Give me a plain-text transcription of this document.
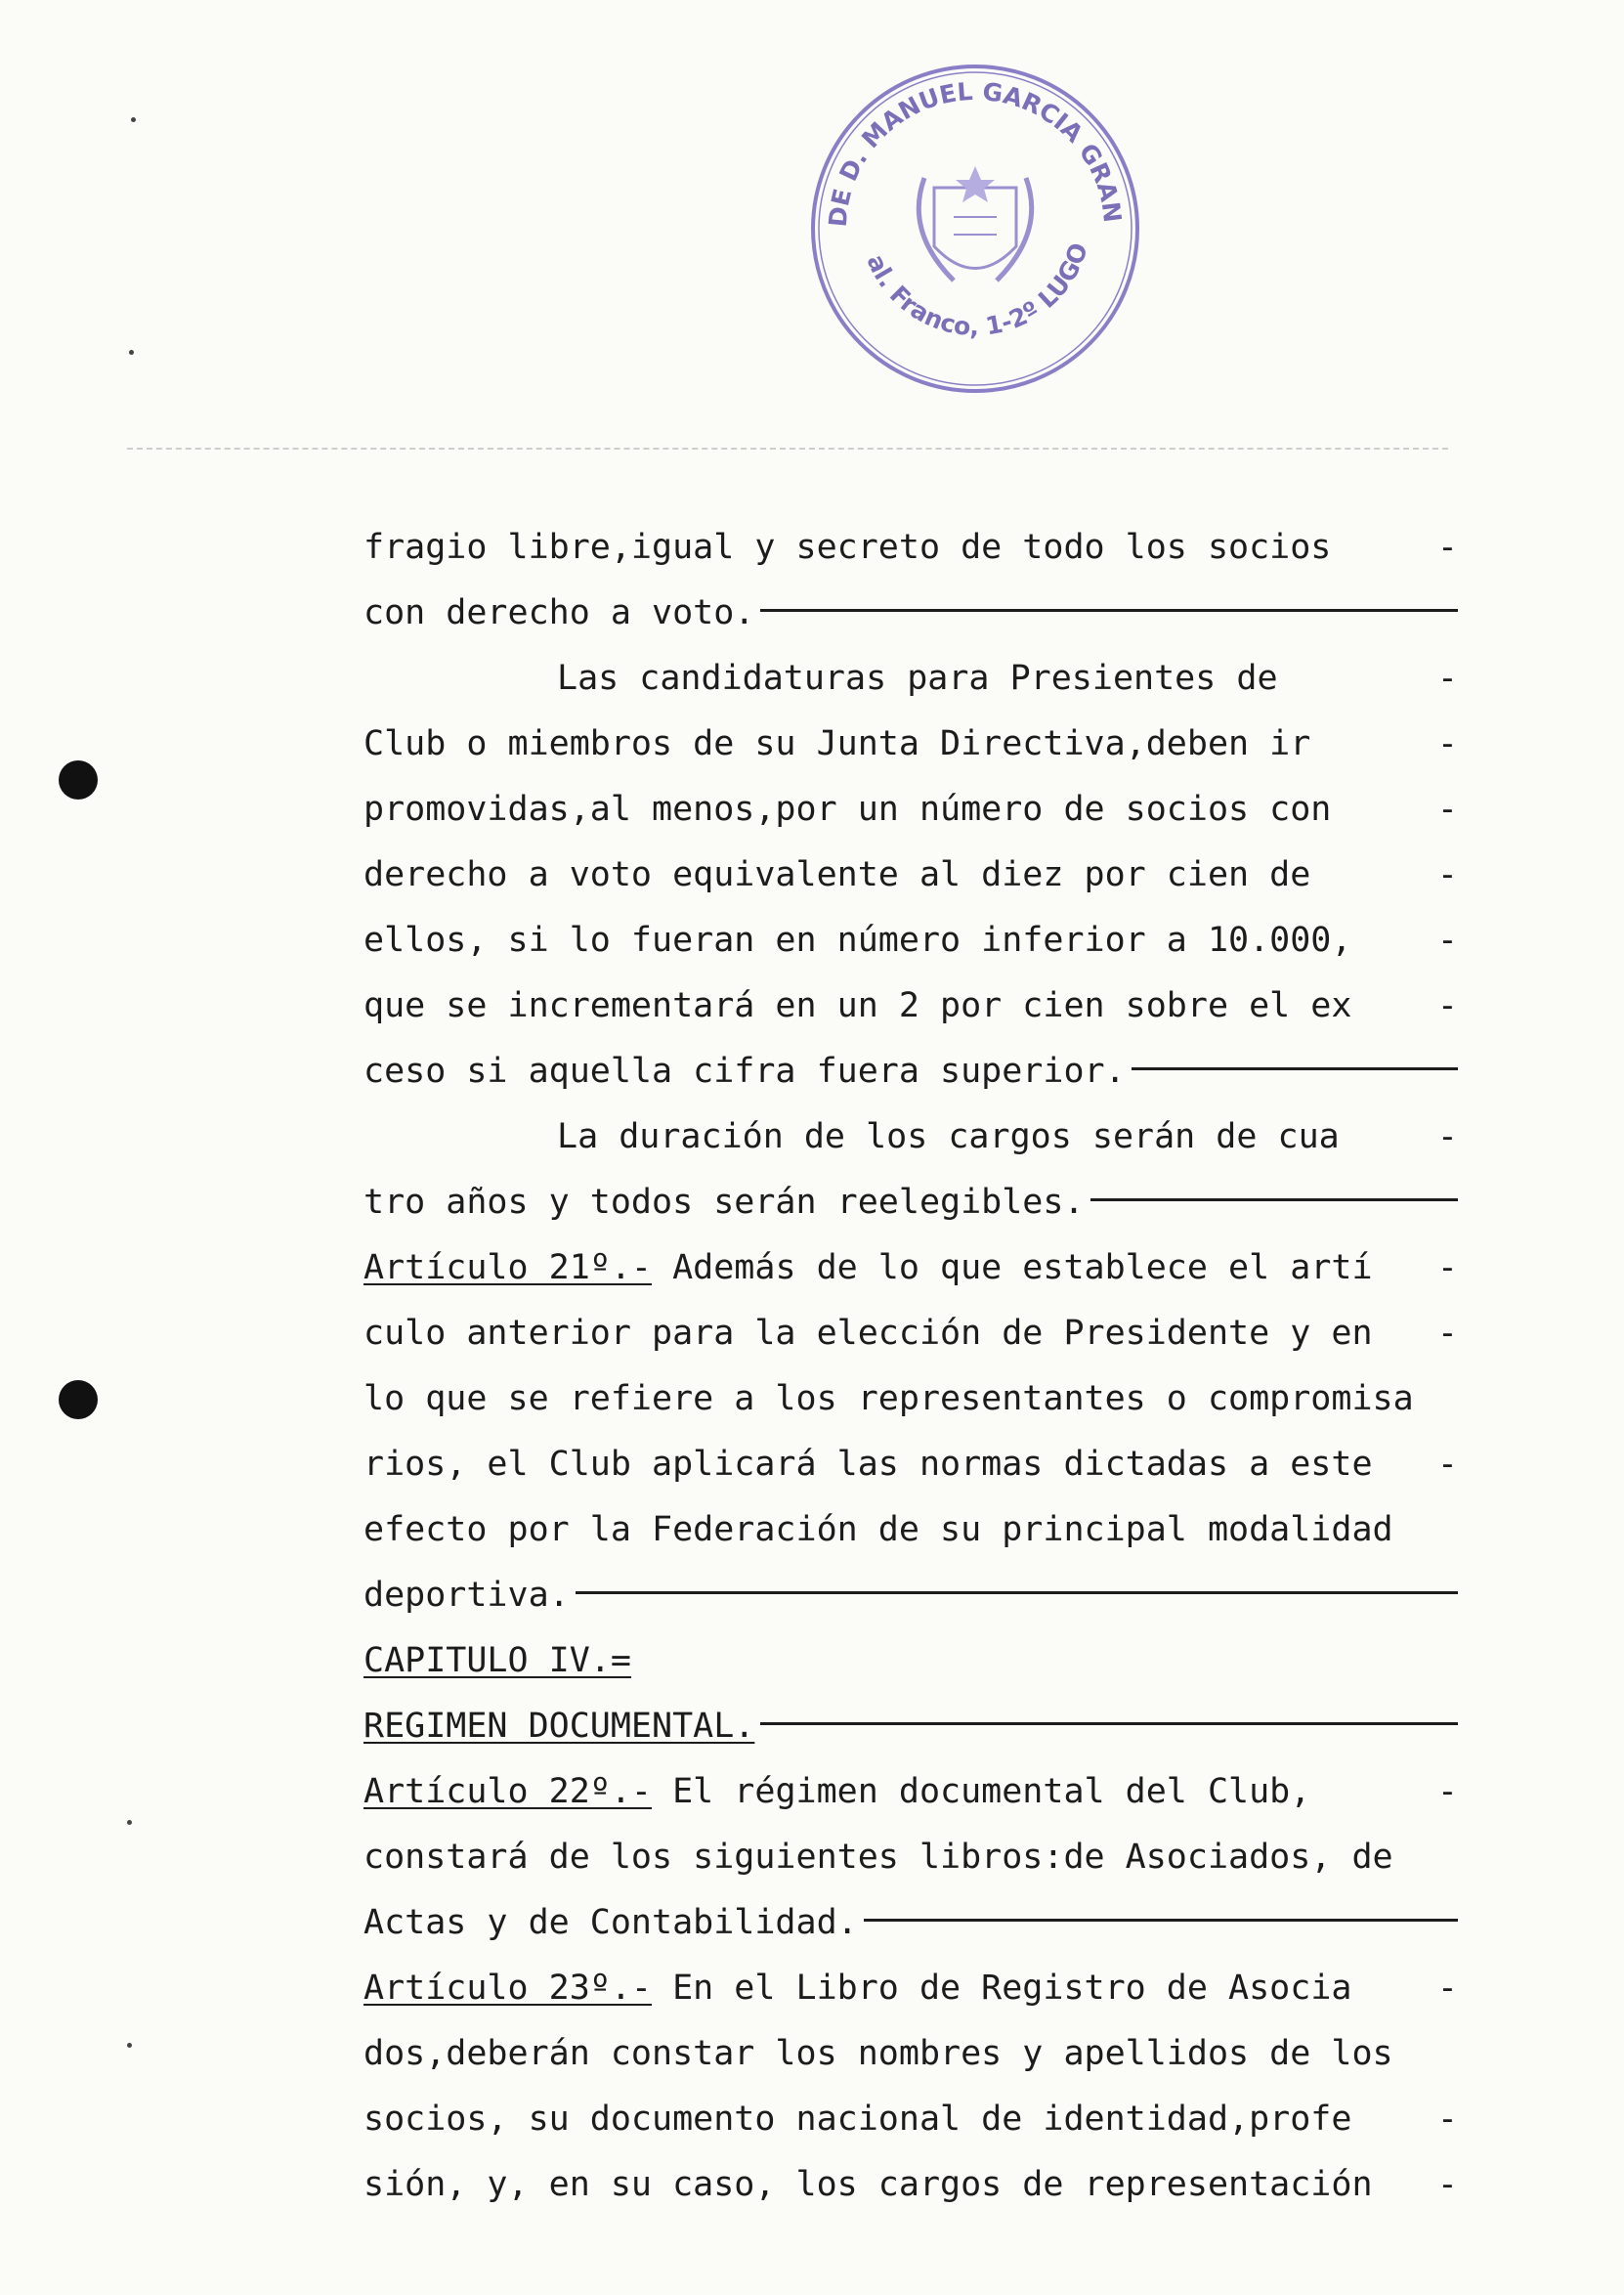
DE D. MANUEL GARCIA GRAN
al. Franco, 1-2º LUGO
fragio libre,igual y secreto de todo los socios	-
con derecho a voto.
Las candidaturas para Presientes de	-
Club o miembros de su Junta Directiva,deben ir	-
promovidas,al menos,por un número de socios con	-
derecho a voto equivalente al diez por cien de	-
ellos, si lo fueran en número inferior a 10.000,	-
que se incrementará en un 2 por cien sobre el ex	-
ceso si aquella cifra fuera superior.
La duración de los cargos serán de cua	-
tro años y todos serán reelegibles.
Artículo 21º.- Además de lo que establece el artí	-
culo anterior para la elección de Presidente y en	-
lo que se refiere a los representantes o compromisa
rios, el Club aplicará las normas dictadas a este	-
efecto por la Federación de su principal modalidad
deportiva.
CAPITULO IV.=
REGIMEN DOCUMENTAL.
Artículo 22º.- El régimen documental del Club,	-
constará de los siguientes libros:de Asociados, de
Actas y de Contabilidad.
Artículo 23º.- En el Libro de Registro de Asocia	-
dos,deberán constar los nombres y apellidos de los
socios, su documento nacional de identidad,profe	-
sión, y, en su caso, los cargos de representación	-
